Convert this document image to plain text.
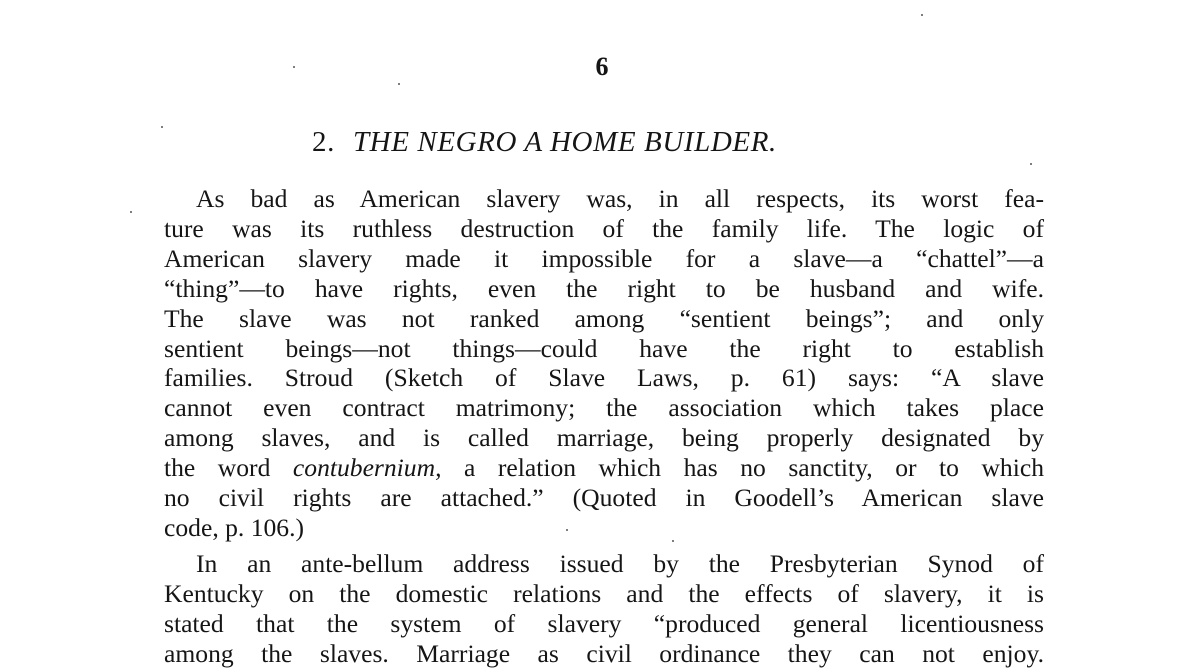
6
2. THE NEGRO A HOME BUILDER.

As bad as American slavery was, in all respects, its worst fea-
ture was its ruthless destruction of the family life. The logic of
American slavery made it impossible for a slave—a “chattel”—a
“thing”—to have rights, even the right to be husband and wife.
The slave was not ranked among “sentient beings”; and only
sentient beings—not things—could have the right to establish
families. Stroud (Sketch of Slave Laws, p. 61) says: “A slave
cannot even contract matrimony; the association which takes place
among slaves, and is called marriage, being properly designated by
the word contubernium, a relation which has no sanctity, or to which
no civil rights are attached.” (Quoted in Goodell’s American slave
code, p. 106.)

In an ante-bellum address issued by the Presbyterian Synod of
Kentucky on the domestic relations and the effects of slavery, it is
stated that the system of slavery “produced general licentiousness
among the slaves. Marriage as civil ordinance they can not enjoy.
